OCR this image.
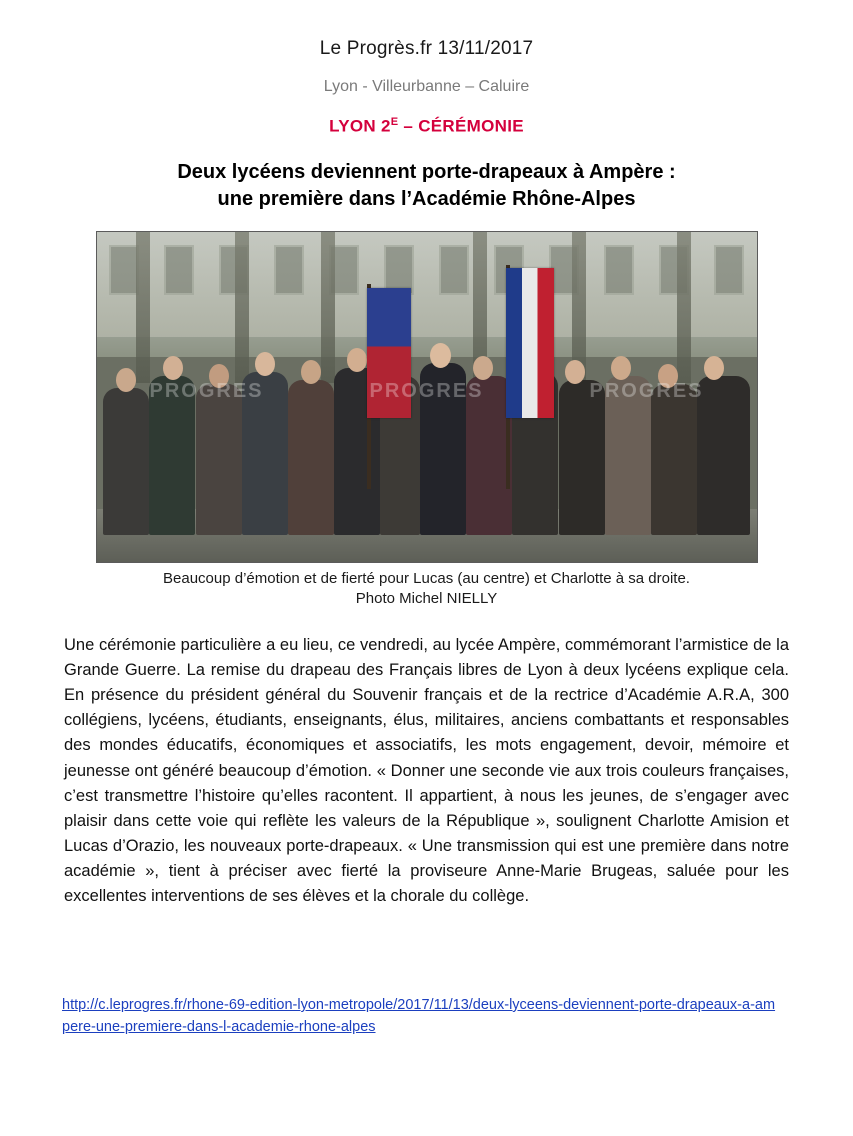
Le Progrès.fr 13/11/2017
Lyon - Villeurbanne – Caluire
LYON $2^E$ – CÉRÉMONIE
Deux lycéens deviennent porte-drapeaux à Ampère :
une première dans l’Académie Rhône-Alpes
PROGRES	PROGRES	PROGRES
Beaucoup d’émotion et de fierté pour Lucas (au centre) et Charlotte à sa droite.
Photo Michel NIELLY
Une cérémonie particulière a eu lieu, ce vendredi, au lycée Ampère, commémorant l’armistice de la Grande Guerre. La remise du drapeau des Français libres de Lyon à deux lycéens explique cela. En présence du président général du Souvenir français et de la rectrice d’Académie A.R.A, 300 collégiens, lycéens, étudiants, enseignants, élus, militaires, anciens combattants et responsables des mondes éducatifs, économiques et associatifs, les mots engagement, devoir, mémoire et jeunesse ont généré beaucoup d’émotion. « Donner une seconde vie aux trois couleurs françaises, c’est transmettre l’histoire qu’elles racontent. Il appartient, à nous les jeunes, de s’engager avec plaisir dans cette voie qui reflète les valeurs de la République », soulignent Charlotte Amision et Lucas d’Orazio, les nouveaux porte-drapeaux. « Une transmission qui est une première dans notre académie », tient à préciser avec fierté la proviseure Anne-Marie Brugeas, saluée pour les excellentes interventions de ses élèves et la chorale du collège.
http://c.leprogres.fr/rhone-69-edition-lyon-metropole/2017/11/13/deux-lyceens-deviennent-porte-drapeaux-a-ampere-une-premiere-dans-l-academie-rhone-alpes
